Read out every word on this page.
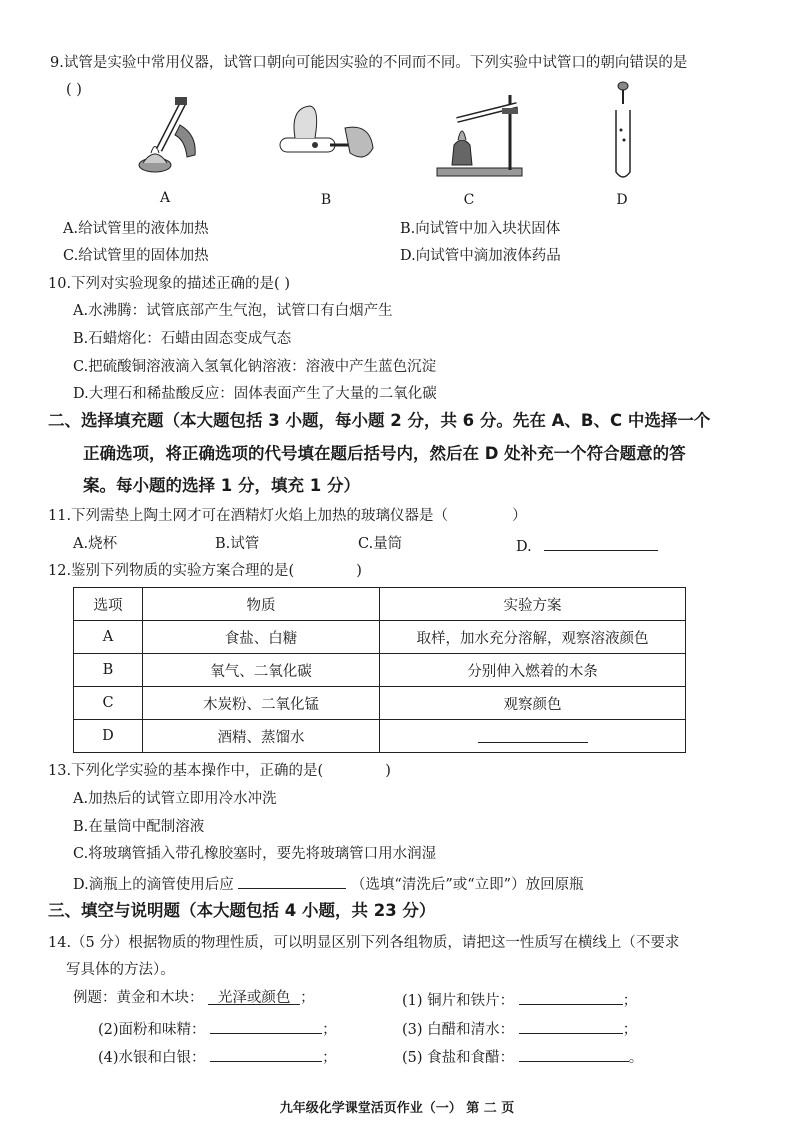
9.试管是实验中常用仪器，试管口朝向可能因实验的不同而不同。下列实验中试管口的朝向错误的是
( )
A	B	C	D
A.给试管里的液体加热	B.向试管中加入块状固体
C.给试管里的固体加热	D.向试管中滴加液体药品
10.下列对实验现象的描述正确的是( )
A.水沸腾：试管底部产生气泡，试管口有白烟产生
B.石蜡熔化：石蜡由固态变成气态
C.把硫酸铜溶液滴入氢氧化钠溶液：溶液中产生蓝色沉淀
D.大理石和稀盐酸反应：固体表面产生了大量的二氧化碳
二、选择填充题（本大题包括 3 小题，每小题 2 分，共 6 分。先在 A、B、C 中选择一个
正确选项，将正确选项的代号填在题后括号内，然后在 D 处补充一个符合题意的答
案。每小题的选择 1 分，填充 1 分）
11.下列需垫上陶土网才可在酒精灯火焰上加热的玻璃仪器是（	）
A.烧杯	B.试管	C.量筒	D.
12.鉴别下列物质的实验方案合理的是(	)
选项	物质	实验方案
A	食盐、白糖	取样，加水充分溶解，观察溶液颜色
B	氧气、二氧化碳	分别伸入燃着的木条
C	木炭粉、二氧化锰	观察颜色
D	酒精、蒸馏水	
13.下列化学实验的基本操作中，正确的是(	)
A.加热后的试管立即用冷水冲洗
B.在量筒中配制溶液
C.将玻璃管插入带孔橡胶塞时，要先将玻璃管口用水润湿
D.滴瓶上的滴管使用后应	（选填“清洗后”或“立即”）放回原瓶
三、填空与说明题（本大题包括 4 小题，共 23 分）
14.（5 分）根据物质的物理性质，可以明显区别下列各组物质，请把这一性质写在横线上（不要求
写具体的方法）。
例题：黄金和木块： 光泽或颜色 ；	(1) 铜片和铁片：	；
(2)面粉和味精：	；	(3) 白醋和清水：	；
(4)水银和白银：	；	(5) 食盐和食醋：	。
九年级化学课堂活页作业（一） 第 二 页
